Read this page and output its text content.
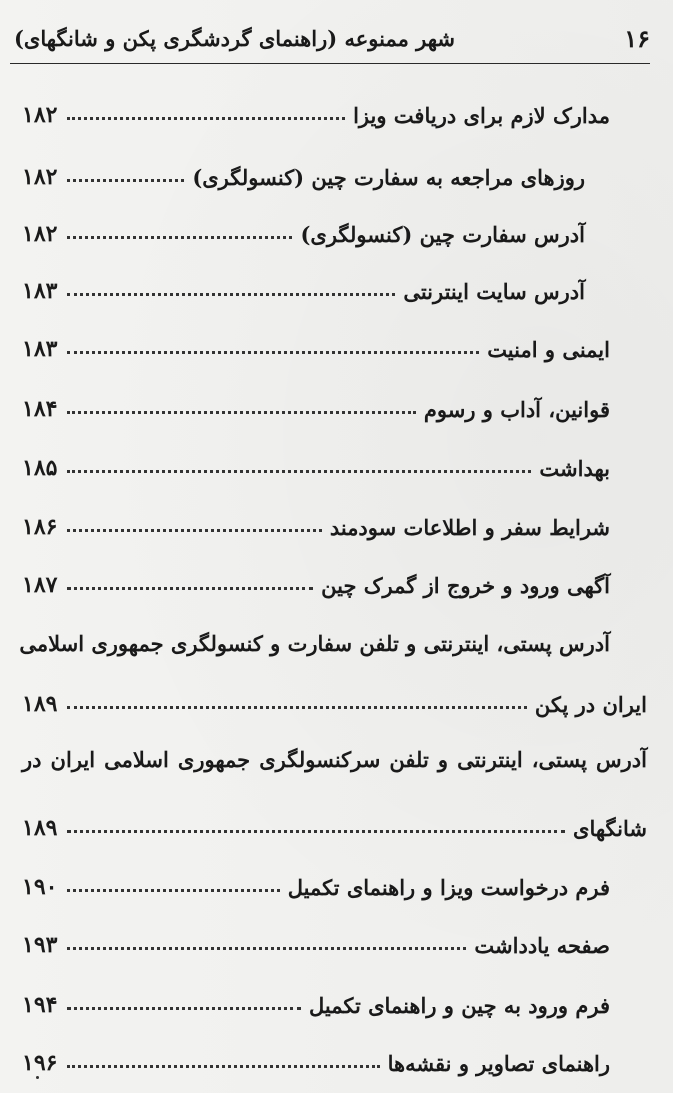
۱۶
شهر ممنوعه (راهنمای گردشگری پکن و شانگهای)
مدارک لازم برای دریافت ویزا
۱۸۲
روزهای مراجعه به سفارت چین (کنسولگری)
۱۸۲
آدرس سفارت چین (کنسولگری)
۱۸۲
آدرس سایت اینترنتی
۱۸۳
ایمنی و امنیت
۱۸۳
قوانین، آداب و رسوم
۱۸۴
بهداشت
۱۸۵
شرایط سفر و اطلاعات سودمند
۱۸۶
آگهی ورود و خروج از گمرک چین
۱۸۷
آدرس پستی، اینترنتی و تلفن سفارت و کنسولگری جمهوری اسلامی
ایران در پکن
۱۸۹
آدرس پستی، اینترنتی و تلفن سرکنسولگری جمهوری اسلامی ایران در
شانگهای
۱۸۹
فرم درخواست ویزا و راهنمای تکمیل
۱۹۰
صفحه یادداشت
۱۹۳
فرم ورود به چین و راهنمای تکمیل
۱۹۴
راهنمای تصاویر و نقشه‌ها
۱۹۶
